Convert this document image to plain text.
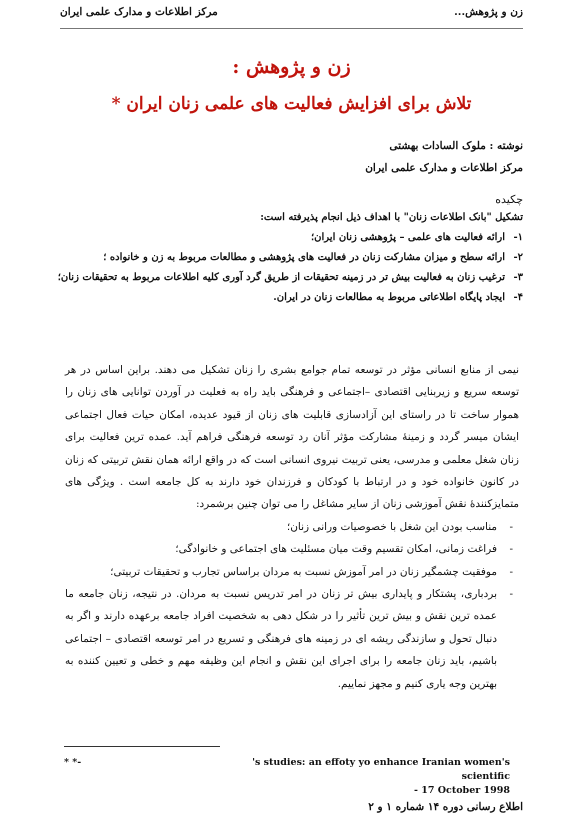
زن و پژوهش...
مرکز اطلاعات و مدارک علمی ایران
زن و پژوهش :
تلاش برای افزایش فعالیت های علمی زنان ایران *
نوشته : ملوک السادات بهشتی
مرکز اطلاعات و مدارک علمی ایران
چکیده
تشکیل "بانک اطلاعات زنان" با اهداف ذیل انجام پذیرفته است:
۱-
ارائه فعالیت های علمی – پژوهشی زنان ایران؛
۲-
ارائه سطح و میزان مشارکت زنان در فعالیت های پژوهشی و مطالعات مربوط به زن و خانواده ؛
۳-
ترغیب زنان به فعالیت بیش تر در زمینه تحقیقات از طریق گرد آوری کلیه اطلاعات مربوط به تحقیقات زنان؛
۴-
ایجاد پایگاه اطلاعاتی مربوط به مطالعات زنان در ایران.
نیمی از منابع انسانی مؤثر در توسعه تمام جوامع بشری را زنان تشکیل می دهند. براین اساس در هر توسعه سریع و زیربنایی اقتصادی –اجتماعی و فرهنگی باید راه به فعلیت در آوردن توانایی های زنان را هموار ساخت تا در راستای این آزادسازی قابلیت های زنان از قیود عدیده، امکان حیات فعال اجتماعی ایشان میسر گردد و زمینهٔ مشارکت مؤثر آنان رد توسعه فرهنگی فراهم آید. عمده ترین فعالیت برای زنان شغل معلمی و مدرسی، یعنی تربیت نیروی انسانی است که در واقع ارائه همان نقش تربیتی که زنان در کانون خانواده خود و در ارتباط با کودکان و فرزندان خود دارند به کل جامعه است . ویژگی های متمایزکنندهٔ نقش آموزشی زنان از سایر مشاغل را می توان چنین برشمرد:
-
مناسب بودن این شغل با خصوصیات ورانی زنان؛
-
فراغت زمانی، امکان تقسیم وقت میان مسئلیت های اجتماعی و خانوادگی؛
-
موفقیت چشمگیر زنان در امر آموزش نسبت به مردان براساس تجارب و تحقیقات تربیتی؛
-
بردباری، پشتکار و پایداری بیش تر زنان در امر تدریس نسبت به مردان. در نتیجه، زنان جامعه ما عمده ترین نقش و بیش ترین تأثیر را در شکل دهی به شخصیت افراد جامعه برعهده دارند و اگر به دنبال تحول و سازندگی ریشه ای در زمینه های فرهنگی و تسریع در امر توسعه اقتصادی – اجتماعی باشیم، باید زنان جامعه را برای اجرای این نقش و انجام این وظیفه مهم و خطی و تعیین کننده به بهترین وجه یاری کنیم و مجهز نماییم.
* *-	's studies: an effoty yo enhance Iranian women's scientific
- 17 October 1998
اطلاع رسانی دوره ۱۴ شماره ۱ و ۲
